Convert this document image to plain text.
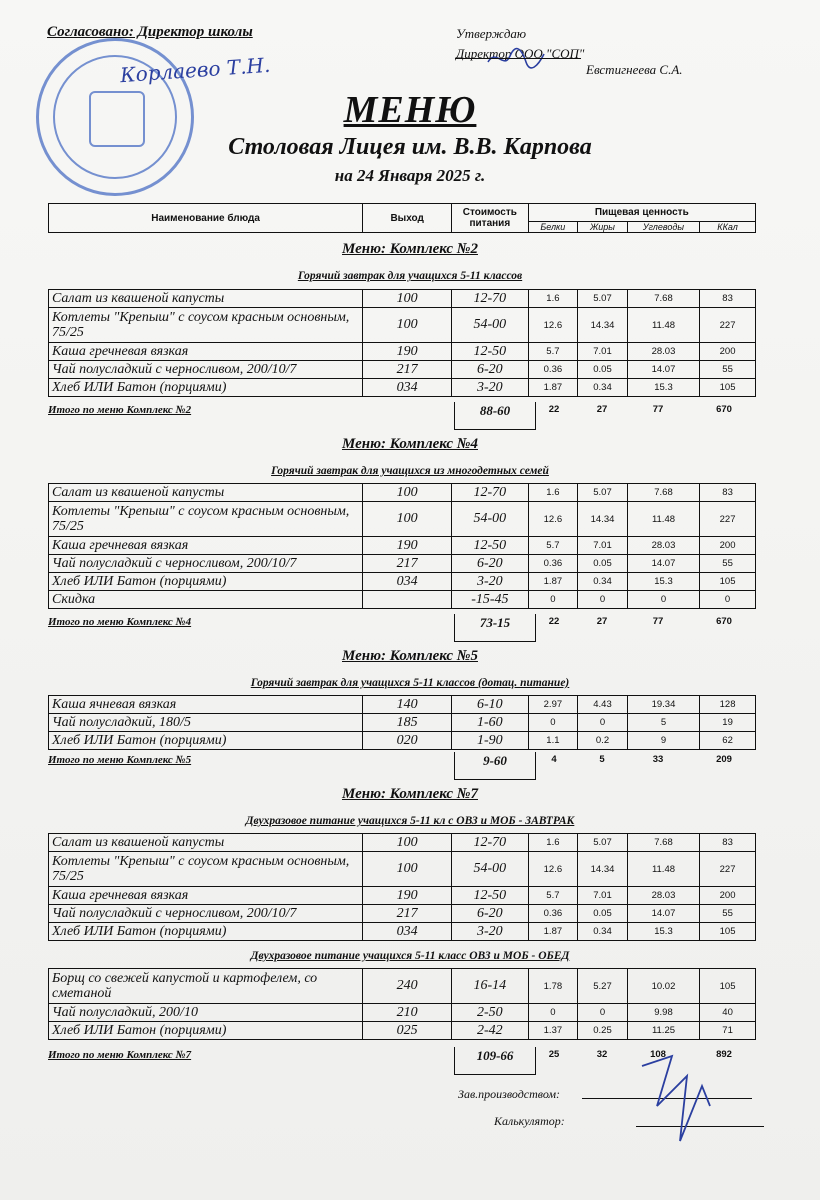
Согласовано: Директор школы
Корлаево Т.Н.
Утверждаю
Директор ООО "СОП"
Евстигнеева С.А.
МЕНЮ
Столовая Лицея им. В.В. Карпова
на 24 Января 2025 г.
Наименование блюда	Выход	Стоимость питания	Пищевая ценность			
			Белки	Жиры	Углеводы	ККал
Меню: Комплекс №2
Горячий завтрак для учащихся 5-11 классов
Салат из квашеной капусты	100	12-70	1.6	5.07	7.68	83
Котлеты "Крепыш" с соусом красным основным, 75/25	100	54-00	12.6	14.34	11.48	227
Каша гречневая вязкая	190	12-50	5.7	7.01	28.03	200
Чай полусладкий с черносливом, 200/10/7	217	6-20	0.36	0.05	14.07	55
Хлеб ИЛИ Батон (порциями)	034	3-20	1.87	0.34	15.3	105
Итого по меню Комплекс №2	88-60	22	27	77	670
Меню: Комплекс №4
Горячий завтрак для учащихся из многодетных семей
Салат из квашеной капусты	100	12-70	1.6	5.07	7.68	83
Котлеты "Крепыш" с соусом красным основным, 75/25	100	54-00	12.6	14.34	11.48	227
Каша гречневая вязкая	190	12-50	5.7	7.01	28.03	200
Чай полусладкий с черносливом, 200/10/7	217	6-20	0.36	0.05	14.07	55
Хлеб ИЛИ Батон (порциями)	034	3-20	1.87	0.34	15.3	105
Скидка		-15-45	0	0	0	0
Итого по меню Комплекс №4	73-15	22	27	77	670
Меню: Комплекс №5
Горячий завтрак для учащихся 5-11 классов (дотац. питание)
Каша ячневая вязкая	140	6-10	2.97	4.43	19.34	128
Чай полусладкий, 180/5	185	1-60	0	0	5	19
Хлеб ИЛИ Батон (порциями)	020	1-90	1.1	0.2	9	62
Итого по меню Комплекс №5	9-60	4	5	33	209
Меню: Комплекс №7
Двухразовое питание учащихся 5-11 кл с ОВЗ и МОБ - ЗАВТРАК
Салат из квашеной капусты	100	12-70	1.6	5.07	7.68	83
Котлеты "Крепыш" с соусом красным основным, 75/25	100	54-00	12.6	14.34	11.48	227
Каша гречневая вязкая	190	12-50	5.7	7.01	28.03	200
Чай полусладкий с черносливом, 200/10/7	217	6-20	0.36	0.05	14.07	55
Хлеб ИЛИ Батон (порциями)	034	3-20	1.87	0.34	15.3	105
Двухразовое питание учащихся 5-11 класс ОВЗ и МОБ - ОБЕД
Борщ со свежей капустой и картофелем, со сметаной	240	16-14	1.78	5.27	10.02	105
Чай полусладкий, 200/10	210	2-50	0	0	9.98	40
Хлеб ИЛИ Батон (порциями)	025	2-42	1.37	0.25	11.25	71
Итого по меню Комплекс №7	109-66	25	32	108	892
Зав.производством:
Калькулятор:
